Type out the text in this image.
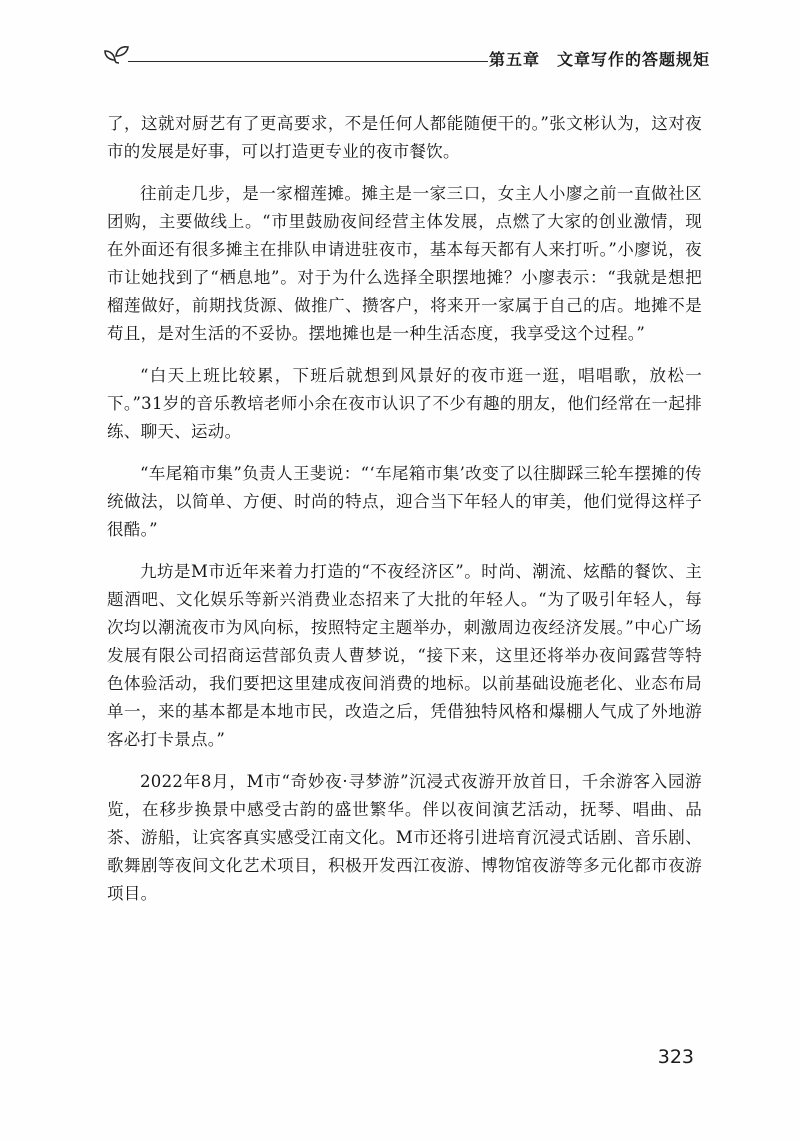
第五章　文章写作的答题规矩

了，这就对厨艺有了更高要求，不是任何人都能随便干的。”张文彬认为，这对夜市的发展是好事，可以打造更专业的夜市餐饮。

往前走几步，是一家榴莲摊。摊主是一家三口，女主人小廖之前一直做社区团购，主要做线上。“市里鼓励夜间经营主体发展，点燃了大家的创业激情，现在外面还有很多摊主在排队申请进驻夜市，基本每天都有人来打听。”小廖说，夜市让她找到了“栖息地”。对于为什么选择全职摆地摊？小廖表示：“我就是想把榴莲做好，前期找货源、做推广、攒客户，将来开一家属于自己的店。地摊不是苟且，是对生活的不妥协。摆地摊也是一种生活态度，我享受这个过程。”

“白天上班比较累，下班后就想到风景好的夜市逛一逛，唱唱歌，放松一下。”31岁的音乐教培老师小余在夜市认识了不少有趣的朋友，他们经常在一起排练、聊天、运动。

“车尾箱市集”负责人王斐说：“‘车尾箱市集’改变了以往脚踩三轮车摆摊的传统做法，以简单、方便、时尚的特点，迎合当下年轻人的审美，他们觉得这样子很酷。”

九坊是M市近年来着力打造的“不夜经济区”。时尚、潮流、炫酷的餐饮、主题酒吧、文化娱乐等新兴消费业态招来了大批的年轻人。“为了吸引年轻人，每次均以潮流夜市为风向标，按照特定主题举办，刺激周边夜经济发展。”中心广场发展有限公司招商运营部负责人曹梦说，“接下来，这里还将举办夜间露营等特色体验活动，我们要把这里建成夜间消费的地标。以前基础设施老化、业态布局单一，来的基本都是本地市民，改造之后，凭借独特风格和爆棚人气成了外地游客必打卡景点。”

2022年8月，M市“奇妙夜·寻梦游”沉浸式夜游开放首日，千余游客入园游览，在移步换景中感受古韵的盛世繁华。伴以夜间演艺活动，抚琴、唱曲、品茶、游船，让宾客真实感受江南文化。M市还将引进培育沉浸式话剧、音乐剧、歌舞剧等夜间文化艺术项目，积极开发西江夜游、博物馆夜游等多元化都市夜游项目。

323
